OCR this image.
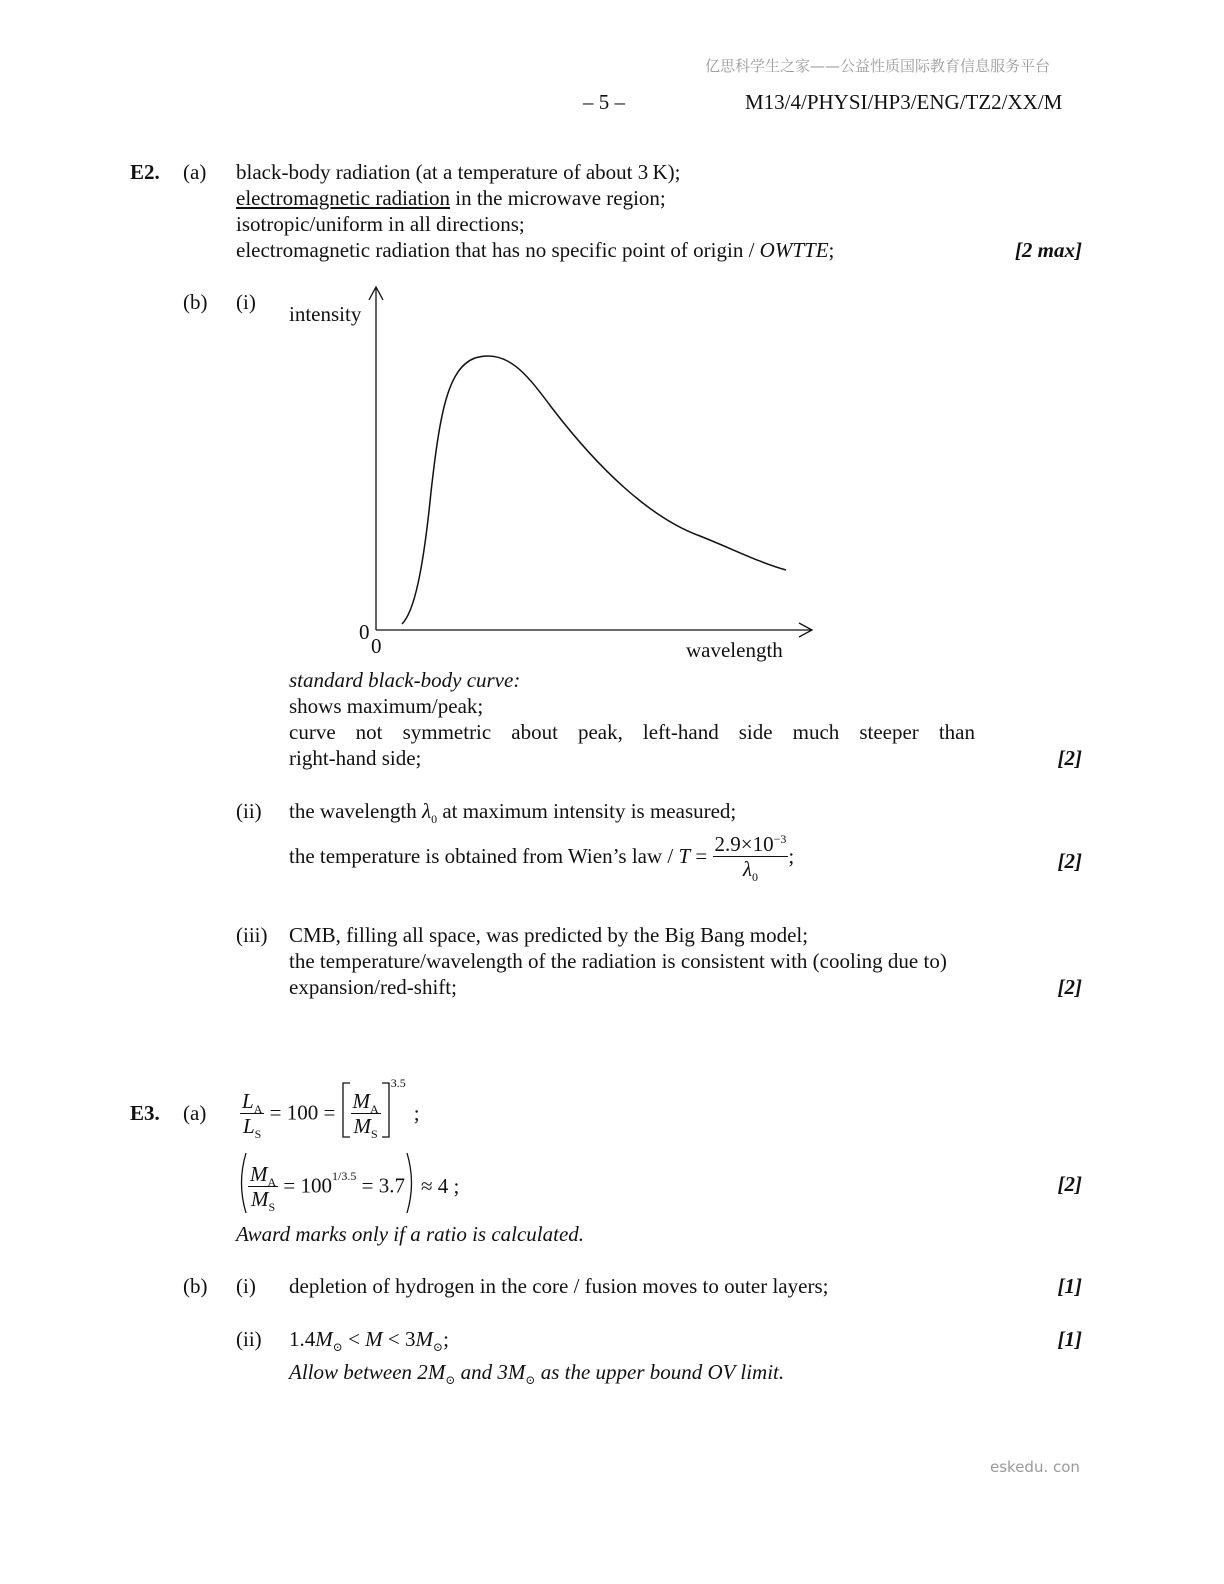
亿思科学生之家——公益性质国际教育信息服务平台
– 5 –	M13/4/PHYSI/HP3/ENG/TZ2/XX/M
E2. (a) black-body radiation (at a temperature of about 3 K);
electromagnetic radiation in the microwave region;
isotropic/uniform in all directions;
electromagnetic radiation that has no specific point of origin / OWTTE;	[2 max]
(b) (i) intensity
0
0	wavelength
standard black-body curve:
shows maximum/peak;
curve not symmetric about peak, left-hand side much steeper than
right-hand side;	[2]
(ii) the wavelength $\lambda_0$ at maximum intensity is measured;
the temperature is obtained from Wien’s law / $T = \frac{2.9\times 10^{-3}}{\lambda_0}$ ;	[2]
(iii) CMB, filling all space, was predicted by the Big Bang model;
the temperature/wavelength of the radiation is consistent with (cooling due to)
expansion/red-shift;	[2]
E3. $(a) \frac{L_A}{L_S} = 100 = \frac{M_A}{M_S}$
$^{3.5}$;
$\frac{M_A}{M_S} = 100^{1/3.5} = 3.7 \approx 4$ ;	[2]
Award marks only if a ratio is calculated.
(b) (i) depletion of hydrogen in the core / fusion moves to outer layers;	[1]
(ii) $1.4M_⊙ < M < 3M_⊙$;	[1]
Allow between $2M_⊙$ and $3M_⊙$ as the upper bound OV limit.
eskedu. con
